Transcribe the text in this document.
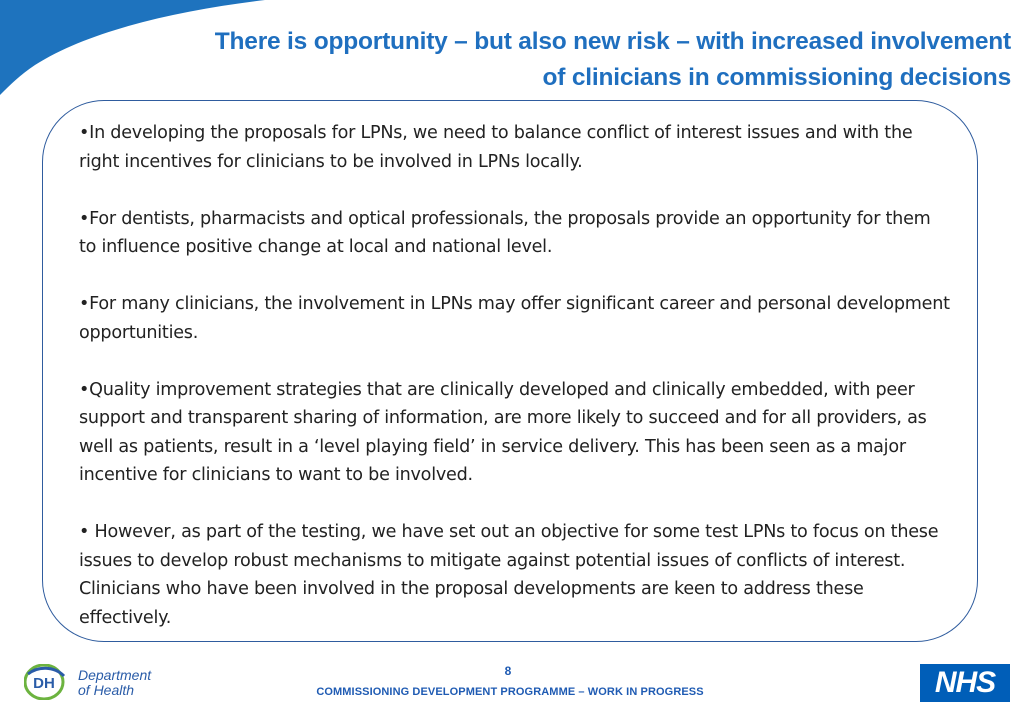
There is opportunity – but also new risk – with increased involvement
of clinicians in commissioning decisions

•In developing the proposals for LPNs, we need to balance conflict of interest issues and with the right incentives for clinicians to be involved in LPNs locally.

•For dentists, pharmacists and optical professionals, the proposals provide an opportunity for them to influence positive change at local and national level.

•For many clinicians, the involvement in LPNs may offer significant career and personal development opportunities.

•Quality improvement strategies that are clinically developed and clinically embedded, with peer support and transparent sharing of information, are more likely to succeed and for all providers, as well as patients, result in a ‘level playing field’ in service delivery. This has been seen as a major incentive for clinicians to want to be involved.

• However, as part of the testing, we have set out an objective for some test LPNs to focus on these issues to develop robust mechanisms to mitigate against potential issues of conflicts of interest. Clinicians who have been involved in the proposal developments are keen to address these effectively.

DH Department
of Health
8
COMMISSIONING DEVELOPMENT PROGRAMME – WORK IN PROGRESS	NHS
